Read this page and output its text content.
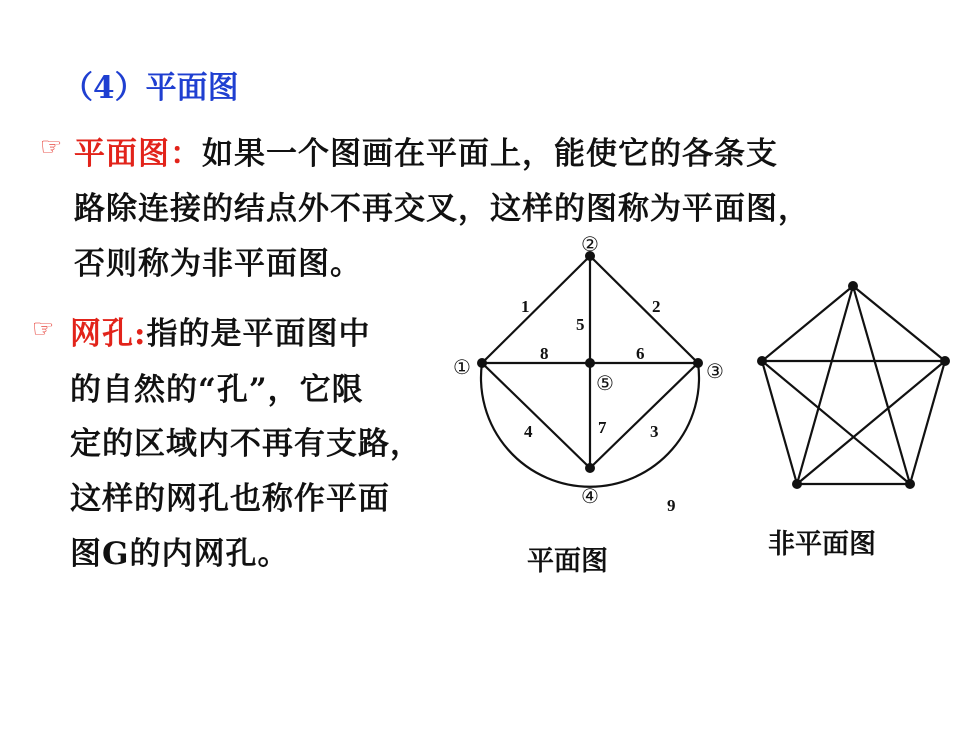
（4）平面图
☞ 平面图：如果一个图画在平面上，能使它的各条支
路除连接的结点外不再交叉，这样的图称为平面图，
否则称为非平面图。
☞ 网孔:指的是平面图中
的自然的“孔”，它限
定的区域内不再有支路，
这样的网孔也称作平面
图G的内网孔。
1	2
3
4
5
6
7
8
9
①
②
③
④
⑤
平面图
非平面图
